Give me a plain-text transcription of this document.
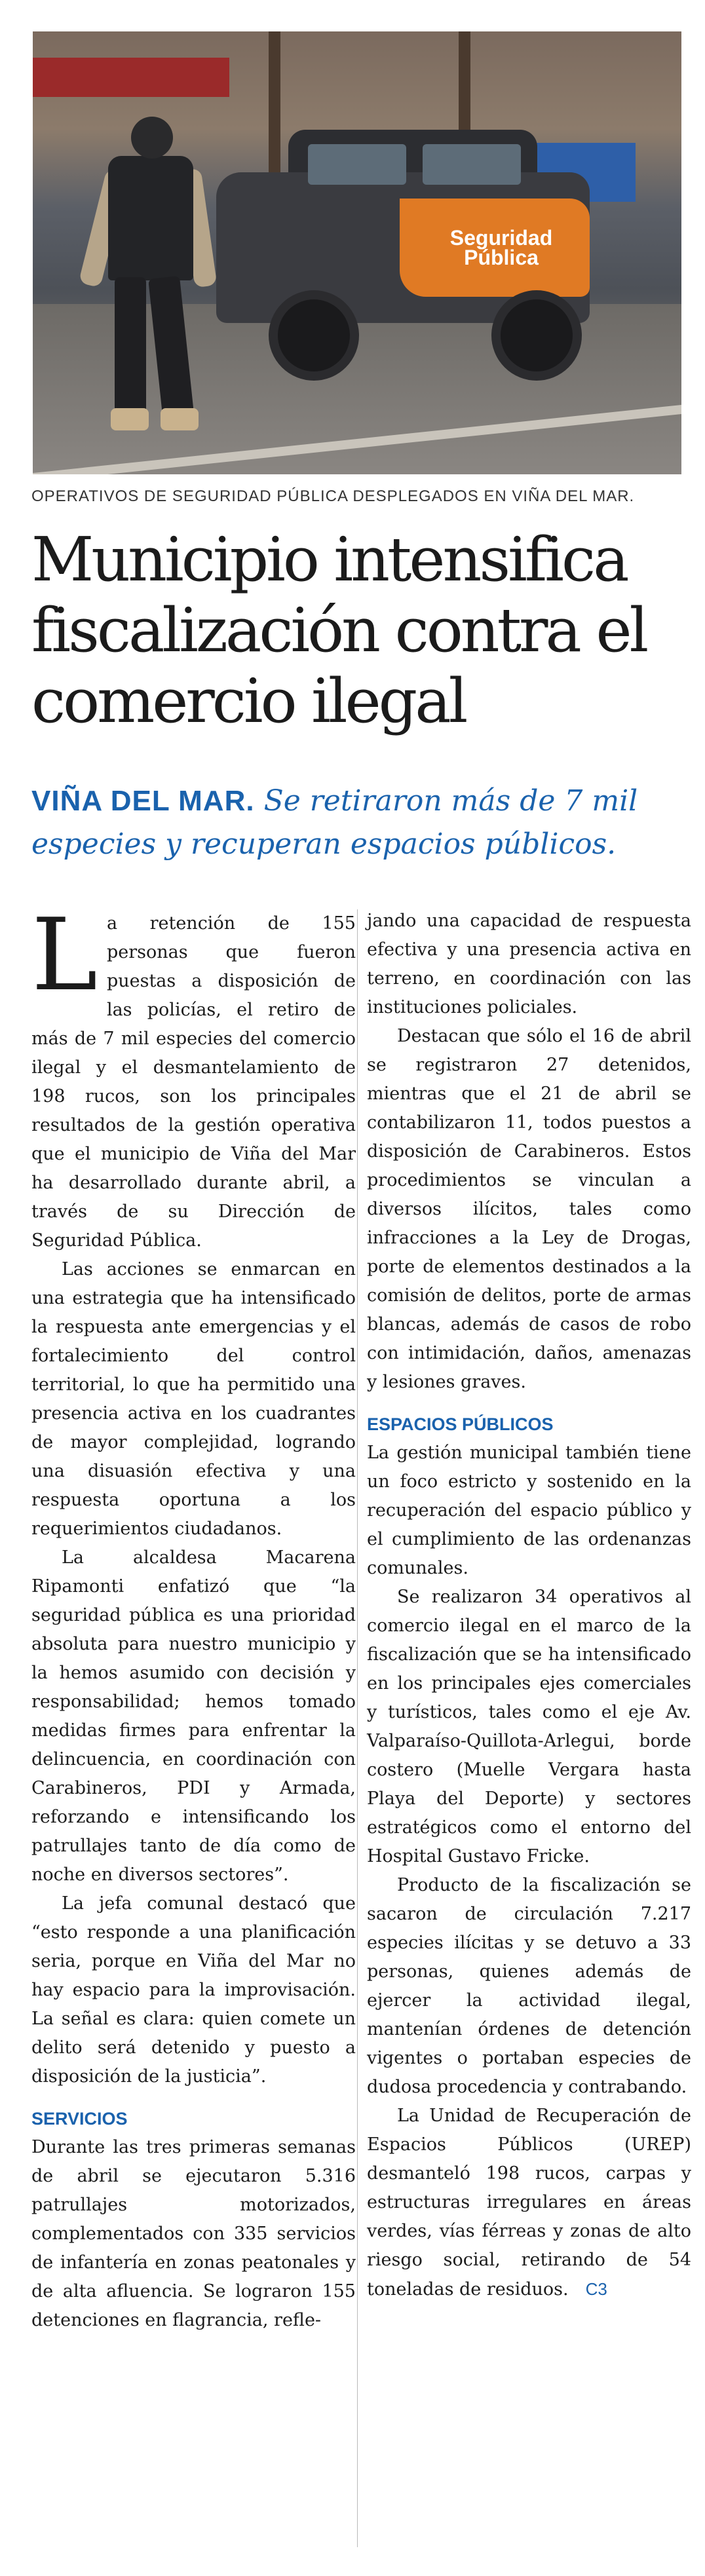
Seguridad Pública
OPERATIVOS DE SEGURIDAD PÚBLICA DESPLEGADOS EN VIÑA DEL MAR.
Municipio intensifica fiscalización contra el comercio ilegal
VIÑA DEL MAR. Se retiraron más de 7 mil especies y recuperan espacios públicos.

La retención de 155 personas que fueron puestas a disposición de las policías, el retiro de más de 7 mil especies del comercio ilegal y el desmantelamiento de 198 rucos, son los principales resultados de la gestión operativa que el municipio de Viña del Mar ha desarrollado durante abril, a través de su Dirección de Seguridad Pública.

Las acciones se enmarcan en una estrategia que ha intensificado la respuesta ante emergencias y el fortalecimiento del control territorial, lo que ha permitido una presencia activa en los cuadrantes de mayor complejidad, logrando una disuasión efectiva y una respuesta oportuna a los requerimientos ciudadanos.

La alcaldesa Macarena Ripamonti enfatizó que “la seguridad pública es una prioridad absoluta para nuestro municipio y la hemos asumido con decisión y responsabilidad; hemos tomado medidas firmes para enfrentar la delincuencia, en coordinación con Carabineros, PDI y Armada, reforzando e intensificando los patrullajes tanto de día como de noche en diversos sectores”.

La jefa comunal destacó que “esto responde a una planificación seria, porque en Viña del Mar no hay espacio para la improvisación. La señal es clara: quien comete un delito será detenido y puesto a disposición de la justicia”.

SERVICIOS

Durante las tres primeras semanas de abril se ejecutaron 5.316 patrullajes motorizados, complementados con 335 servicios de infantería en zonas peatonales y de alta afluencia. Se lograron 155 detenciones en flagrancia, refle-

jando una capacidad de respuesta efectiva y una presencia activa en terreno, en coordinación con las instituciones policiales.

Destacan que sólo el 16 de abril se registraron 27 detenidos, mientras que el 21 de abril se contabilizaron 11, todos puestos a disposición de Carabineros. Estos procedimientos se vinculan a diversos ilícitos, tales como infracciones a la Ley de Drogas, porte de elementos destinados a la comisión de delitos, porte de armas blancas, además de casos de robo con intimidación, daños, amenazas y lesiones graves.

ESPACIOS PÚBLICOS

La gestión municipal también tiene un foco estricto y sostenido en la recuperación del espacio público y el cumplimiento de las ordenanzas comunales.

Se realizaron 34 operativos al comercio ilegal en el marco de la fiscalización que se ha intensificado en los principales ejes comerciales y turísticos, tales como el eje Av. Valparaíso-Quillota-Arlegui, borde costero (Muelle Vergara hasta Playa del Deporte) y sectores estratégicos como el entorno del Hospital Gustavo Fricke.

Producto de la fiscalización se sacaron de circulación 7.217 especies ilícitas y se detuvo a 33 personas, quienes además de ejercer la actividad ilegal, mantenían órdenes de detención vigentes o portaban especies de dudosa procedencia y contrabando.

La Unidad de Recuperación de Espacios Públicos (UREP) desmanteló 198 rucos, carpas y estructuras irregulares en áreas verdes, vías férreas y zonas de alto riesgo social, retirando de 54 toneladas de residuos. C3
